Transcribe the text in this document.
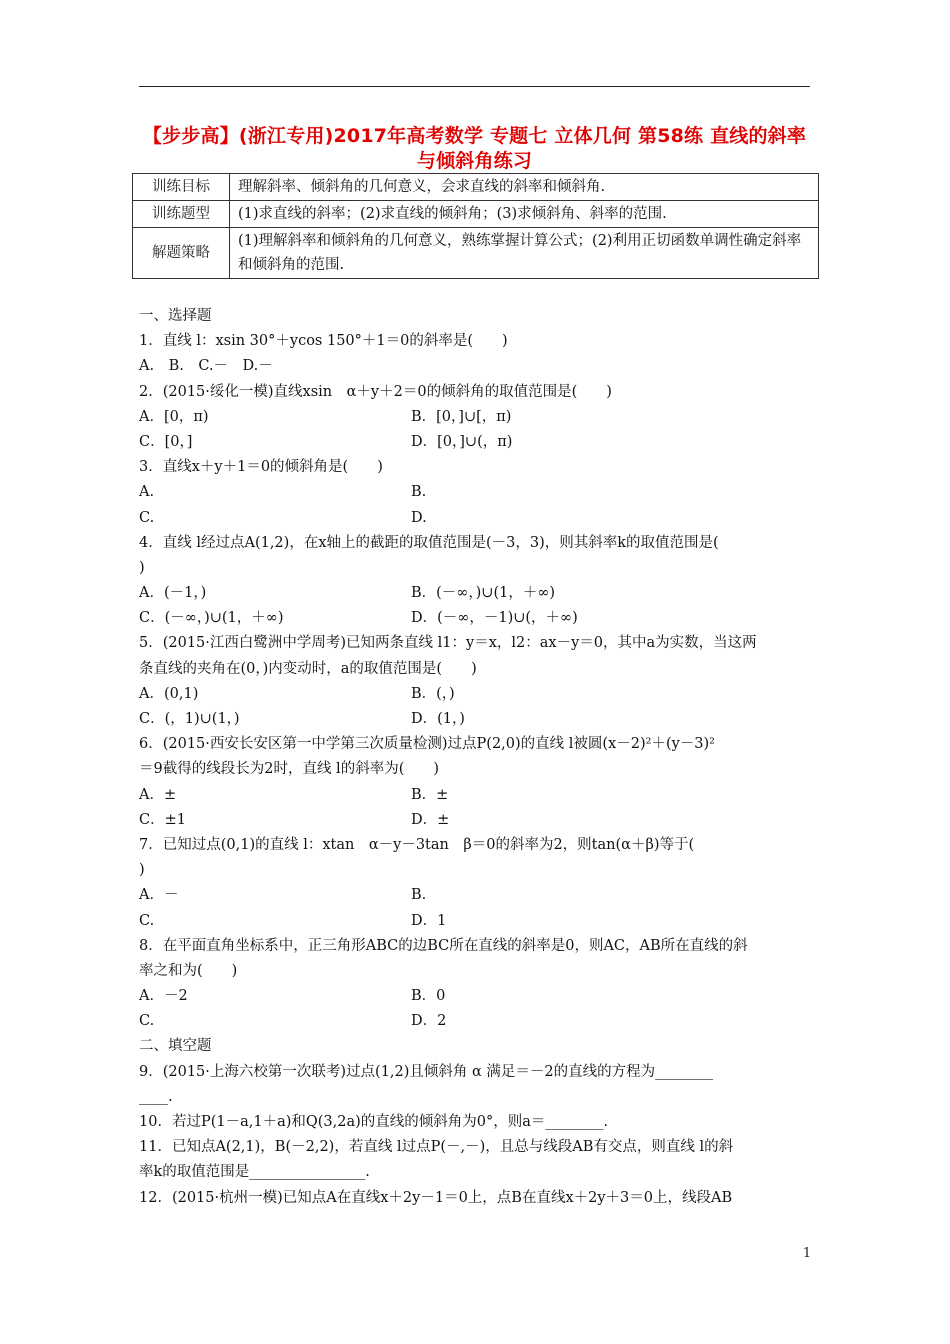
【步步高】(浙江专用)2017年高考数学 专题七 立体几何 第58练 直线的斜率与倾斜角练习
训练目标	理解斜率、倾斜角的几何意义，会求直线的斜率和倾斜角.
训练题型	(1)求直线的斜率；(2)求直线的倾斜角；(3)求倾斜角、斜率的范围.
解题策略	(1)理解斜率和倾斜角的几何意义，熟练掌握计算公式；(2)利用正切函数单调性确定斜率和倾斜角的范围.
一、选择题
1．直线 l：xsin 30°＋ycos 150°＋1＝0的斜率是(　　)
A.　B.　C.－　D.－
2．(2015·绥化一模)直线xsin　α＋y＋2＝0的倾斜角的取值范围是(　　)
A．[0，π)	B．[0，]∪[，π)
C．[0，]	D．[0，]∪(，π)
3．直线x＋y＋1＝0的倾斜角是(　　)
A.	B.
C.	D.
4．直线 l经过点A(1,2)，在x轴上的截距的取值范围是(－3，3)，则其斜率k的取值范围是(
)
A．(－1，)	B．(－∞，)∪(1，＋∞)
C．(－∞，)∪(1，＋∞)	D．(－∞，－1)∪(，＋∞)
5．(2015·江西白鹭洲中学周考)已知两条直线 l1：y＝x，l2：ax－y＝0，其中a为实数，当这两
条直线的夹角在(0，)内变动时，a的取值范围是(　　)
A．(0,1)	B．(，)
C．(，1)∪(1，)	D．(1，)
6．(2015·西安长安区第一中学第三次质量检测)过点P(2,0)的直线 l被圆(x－2)²＋(y－3)²
＝9截得的线段长为2时，直线 l的斜率为(　　)
A．±	B．±
C．±1	D．±
7．已知过点(0,1)的直线 l：xtan　α－y－3tan　β＝0的斜率为2，则tan(α＋β)等于(
)
A．－	B.
C.	D．1
8．在平面直角坐标系中，正三角形ABC的边BC所在直线的斜率是0，则AC，AB所在直线的斜
率之和为(　　)
A．－2	B．0
C.	D．2
二、填空题
9．(2015·上海六校第一次联考)过点(1,2)且倾斜角 α 满足＝－2的直线的方程为________
____.
10．若过P(1－a,1＋a)和Q(3,2a)的直线的倾斜角为0°，则a＝________.
11．已知点A(2,1)，B(－2,2)，若直线 l过点P(－,－)，且总与线段AB有交点，则直线 l的斜
率k的取值范围是________________.
12．(2015·杭州一模)已知点A在直线x＋2y－1＝0上，点B在直线x＋2y＋3＝0上，线段AB
1
